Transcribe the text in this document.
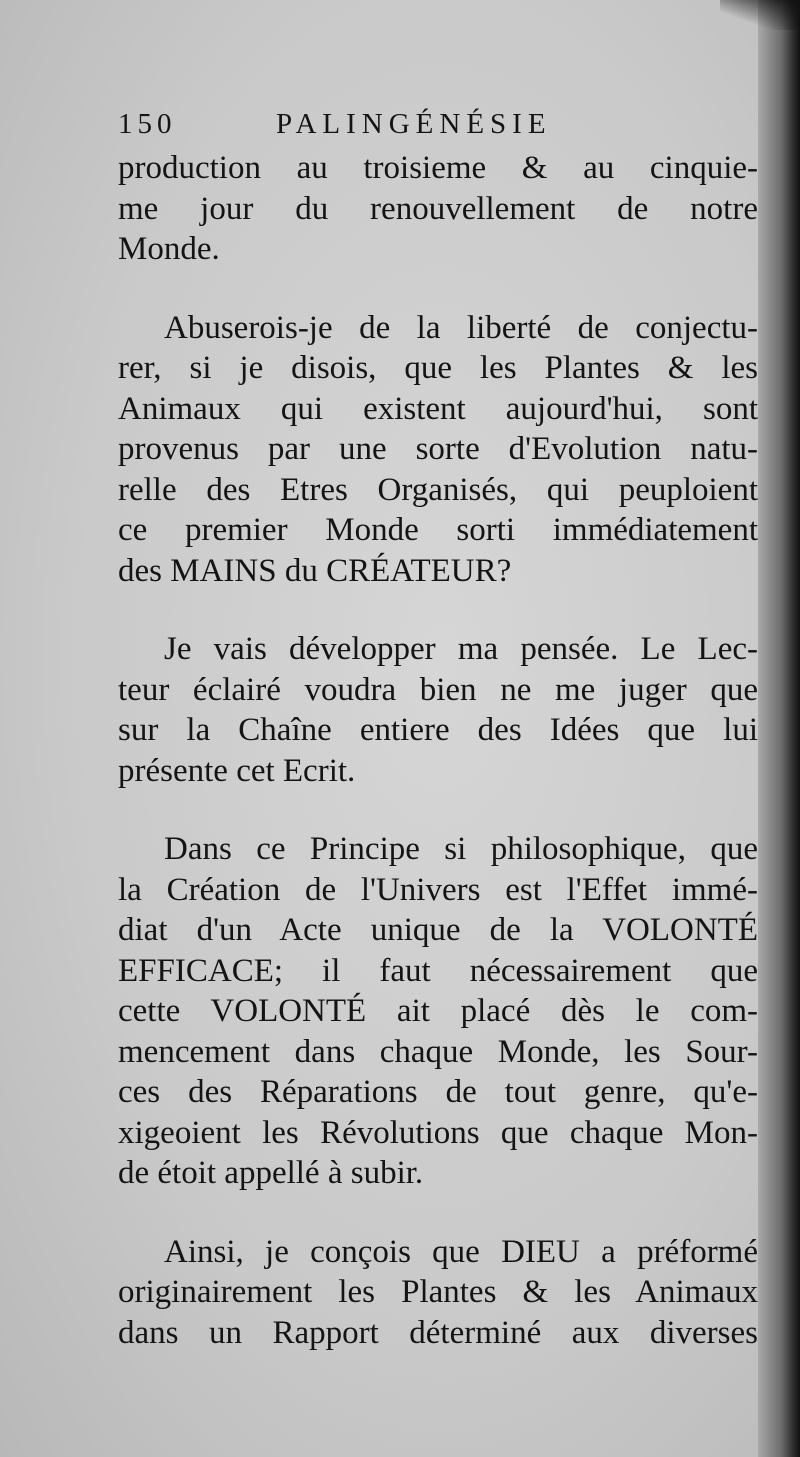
150	PALINGÉNÉSIE
production au troisieme & au cinquie-
me jour du renouvellement de notre
Monde.
Abuserois-je de la liberté de conjectu-
rer, si je disois, que les Plantes & les
Animaux qui existent aujourd'hui, sont
provenus par une sorte d'Evolution natu-
relle des Etres Organisés, qui peuploient
ce premier Monde sorti immédiatement
des MAINS du CRÉATEUR?
Je vais développer ma pensée. Le Lec-
teur éclairé voudra bien ne me juger que
sur la Chaîne entiere des Idées que lui
présente cet Ecrit.
Dans ce Principe si philosophique, que
la Création de l'Univers est l'Effet immé-
diat d'un Acte unique de la VOLONTÉ
EFFICACE; il faut nécessairement que
cette VOLONTÉ ait placé dès le com-
mencement dans chaque Monde, les Sour-
ces des Réparations de tout genre, qu'e-
xigeoient les Révolutions que chaque Mon-
de étoit appellé à subir.
Ainsi, je conçois que DIEU a préformé
originairement les Plantes & les Animaux
dans un Rapport déterminé aux diverses
